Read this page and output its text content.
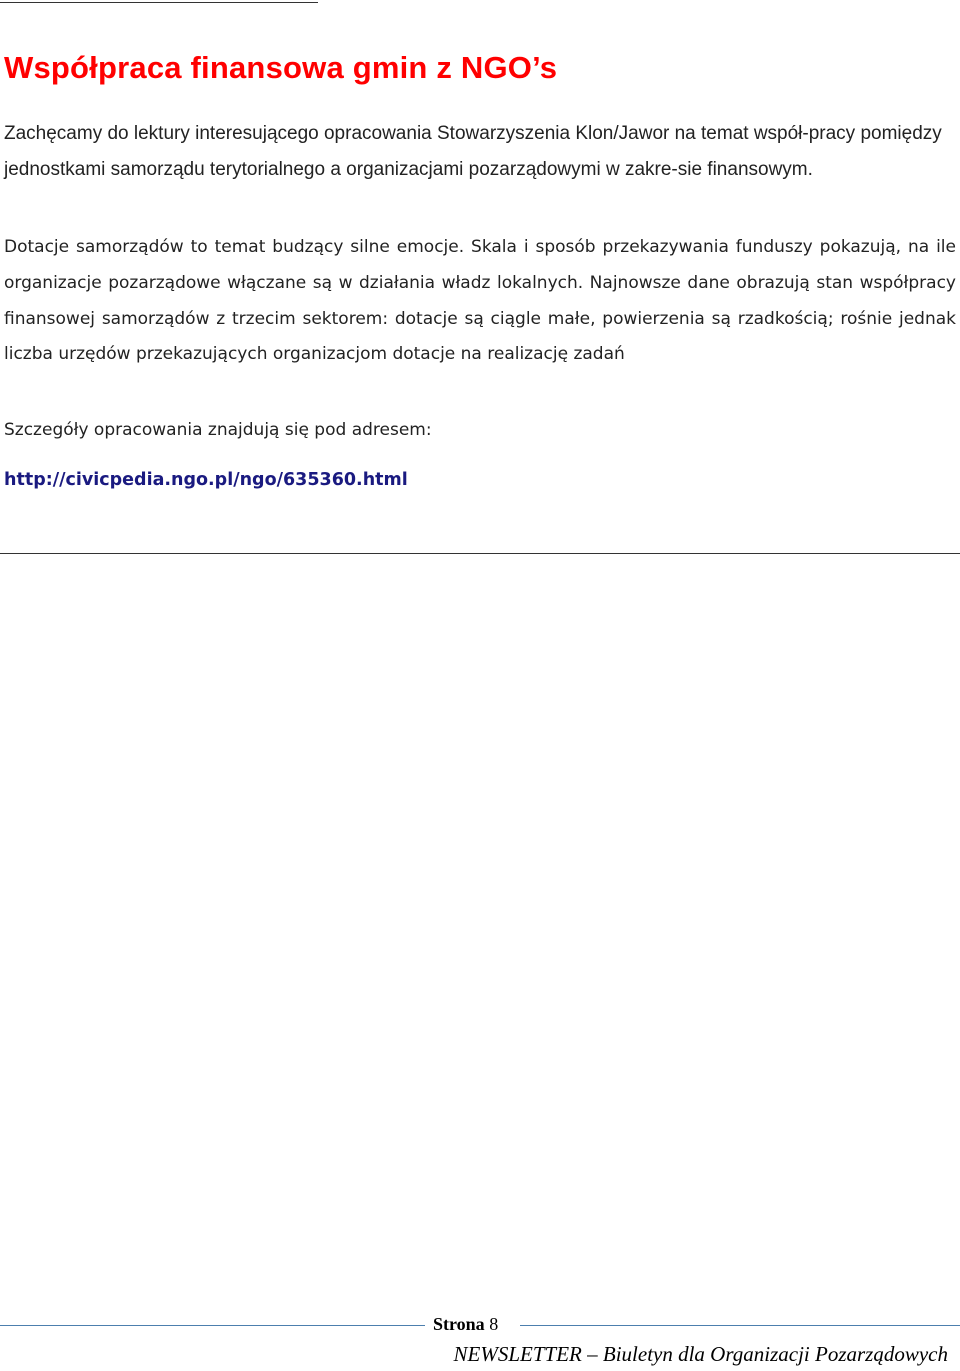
Współpraca finansowa gmin z NGO’s

Zachęcamy do lektury interesującego opracowania Stowarzyszenia Klon/Jawor na temat współ-pracy pomiędzy jednostkami samorządu terytorialnego a organizacjami pozarządowymi w zakre-sie finansowym.

Dotacje samorządów to temat budzący silne emocje. Skala i sposób przekazywania funduszy pokazują, na ile organizacje pozarządowe włączane są w działania władz lokalnych. Najnowsze dane obrazują stan współpracy finansowej samorządów z trzecim sektorem: dotacje są ciągle małe, powierzenia są rzadkością; rośnie jednak liczba urzędów przekazujących organizacjom dotacje na realizację zadań

Szczegóły opracowania znajdują się pod adresem:

http://civicpedia.ngo.pl/ngo/635360.html
Strona 8
NEWSLETTER – Biuletyn dla Organizacji Pozarządowych
